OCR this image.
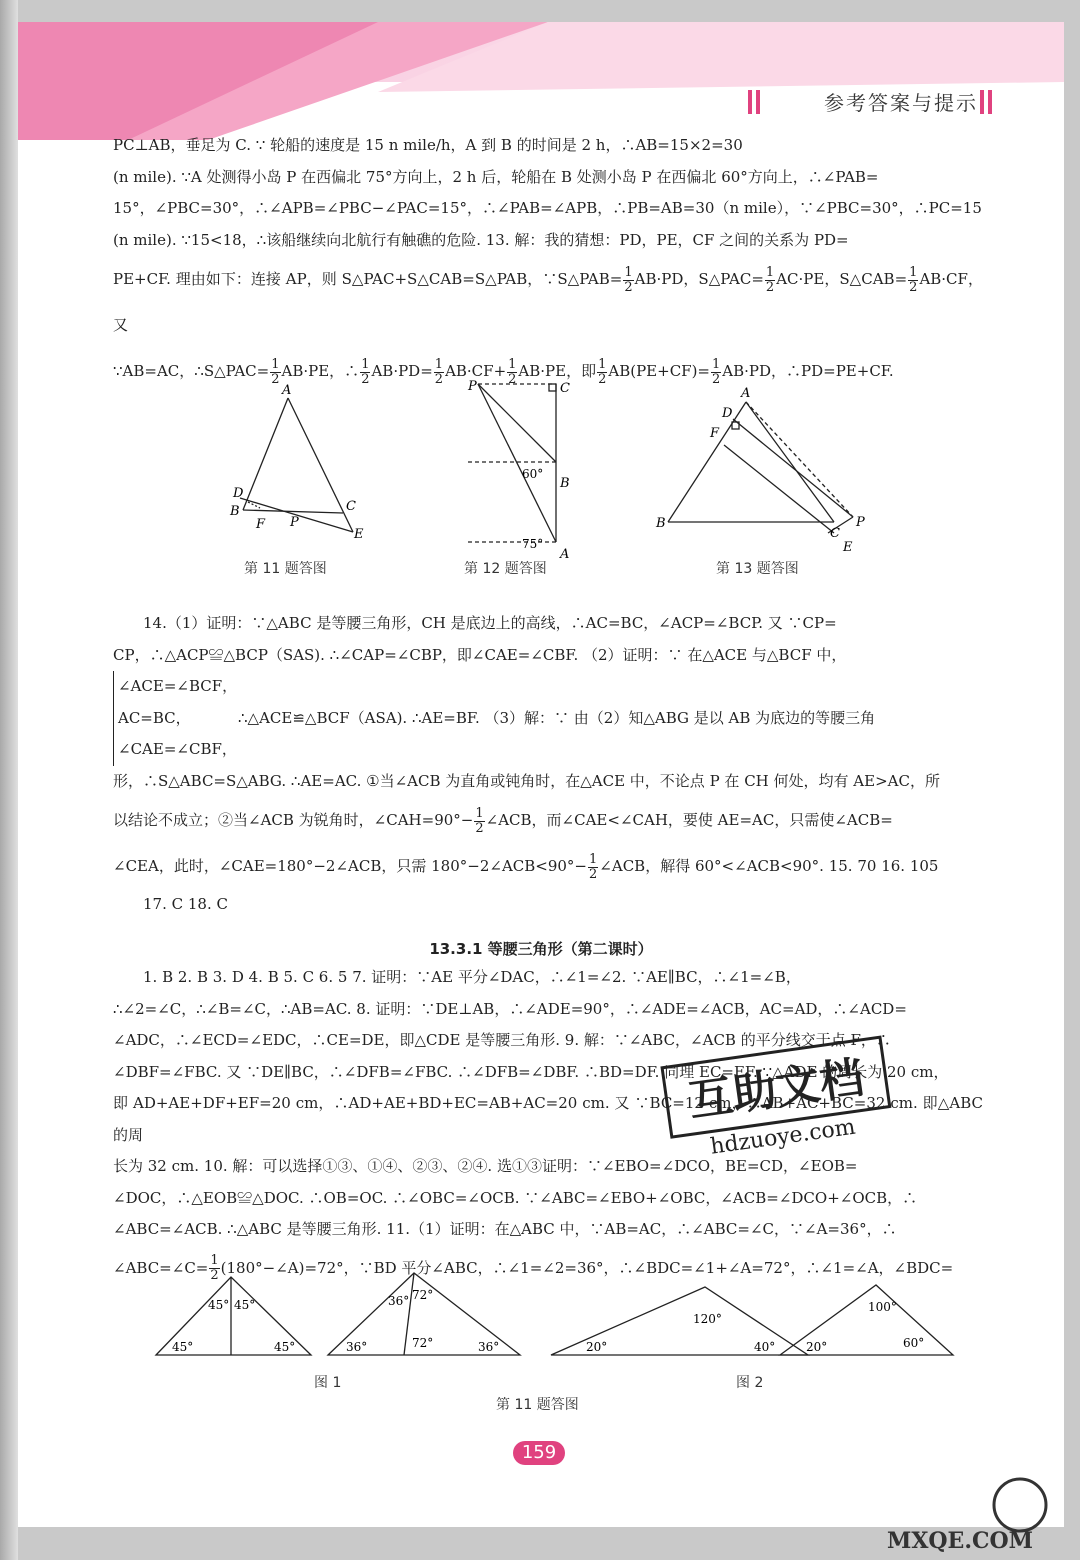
参考答案与提示

PC⊥AB，垂足为 C. ∵ 轮船的速度是 15 n mile/h，A 到 B 的时间是 2 h，∴AB=15×2=30

(n mile). ∵A 处测得小岛 P 在西偏北 75°方向上，2 h 后，轮船在 B 处测小岛 P 在西偏北 60°方向上，∴∠PAB=

15°，∠PBC=30°，∴∠APB=∠PBC−∠PAC=15°，∴∠PAB=∠APB，∴PB=AB=30（n mile），∵∠PBC=30°，∴PC=15

(n mile). ∵15<18，∴该船继续向北航行有触礁的危险. 13. 解：我的猜想：PD，PE，CF 之间的关系为 PD=

PE+CF. 理由如下：连接 AP，则 S△PAC+S△CAB=S△PAB，∵S△PAB= $\frac{1}{2} AB\cdot PD$，S△PAC= $\frac{1}{2} AC\cdot PE$，S△CAB= $\frac{1}{2} AB\cdot CF$，又

∵AB=AC，∴S△PAC= $\frac{1}{2} AB\cdot PE$，∴ $\frac{1}{2} AB\cdot PD= \frac{1}{2} AB\cdot CF+ \frac{1}{2} AB\cdot PE$，即 $\frac{1}{2} AB(PE+CF)= \frac{1}{2} AB\cdot PD$，∴PD=PE+CF.

A
B	C
D
E
F P
第 11 题答图
P	C
B
A
60°
75°
第 12 题答图
A
D
F
B
C
E
P
第 13 题答图

14.（1）证明：∵△ABC 是等腰三角形，CH 是底边上的高线，∴AC=BC，∠ACP=∠BCP. 又 ∵CP=

CP，∴△ACP≌△BCP（SAS). ∴∠CAP=∠CBP，即∠CAE=∠CBF. （2）证明：∵ 在△ACE 与△BCF 中，

∠ACE=∠BCF，

AC=BC，	∴△ACE≌△BCF（ASA). ∴AE=BF. （3）解：∵ 由（2）知△ABG 是以 AB 为底边的等腰三角

∠CAE=∠CBF，

形，∴S△ABC=S△ABG. ∴AE=AC. ①当∠ACB 为直角或钝角时，在△ACE 中，不论点 P 在 CH 何处，均有 AE>AC，所

以结论不成立；②当∠ACB 为锐角时，∠CAH=90°− $\frac{1}{2}$ ∠ACB，而∠CAE<∠CAH，要使 AE=AC，只需使∠ACB=

∠CEA，此时，∠CAE=180°−2∠ACB，只需 180°−2∠ACB<90°− $\frac{1}{2}$ ∠ACB，解得 60°<∠ACB<90°. 15. 70 16. 105

17. C 18. C

13.3.1 等腰三角形（第二课时）

1. B 2. B 3. D 4. B 5. C 6. 5 7. 证明：∵AE 平分∠DAC，∴∠1=∠2. ∵AE∥BC，∴∠1=∠B，

∴∠2=∠C，∴∠B=∠C，∴AB=AC. 8. 证明：∵DE⊥AB，∴∠ADE=90°，∴∠ADE=∠ACB，AC=AD，∴∠ACD=

∠ADC，∴∠ECD=∠EDC，∴CE=DE，即△CDE 是等腰三角形. 9. 解：∵∠ABC，∠ACB 的平分线交于点 F，∴

∠DBF=∠FBC. 又 ∵DE∥BC，∴∠DFB=∠FBC. ∴∠DFB=∠DBF. ∴BD=DF. 同理 EC=EF. ∵△ADE 的周长为 20 cm，

即 AD+AE+DF+EF=20 cm，∴AD+AE+BD+EC=AB+AC=20 cm. 又 ∵BC=12 cm，∴AB+AC+BC=32 cm. 即△ABC 的周

长为 32 cm. 10. 解：可以选择①③、①④、②③、②④. 选①③证明：∵∠EBO=∠DCO，BE=CD，∠EOB=

∠DOC，∴△EOB≌△DOC. ∴OB=OC. ∴∠OBC=∠OCB. ∵∠ABC=∠EBO+∠OBC，∠ACB=∠DCO+∠OCB，∴

∠ABC=∠ACB. ∴△ABC 是等腰三角形. 11.（1）证明：在△ABC 中，∵AB=AC，∴∠ABC=∠C，∵∠A=36°，∴

∠ABC=∠C= $\frac{1}{2}$ (180°−∠A)=72°，∵BD 平分∠ABC，∴∠1=∠2=36°，∴∠BDC=∠1+∠A=72°，∴∠1=∠A，∠BDC=

45° 45°
45°	45°
36° 72°
36°	72°	36°	20°
120°
40°	20°
100°
60°
图 1	图 2
第 11 题答图
159
互助文档
hdzuoye.com
MXQE.COM
